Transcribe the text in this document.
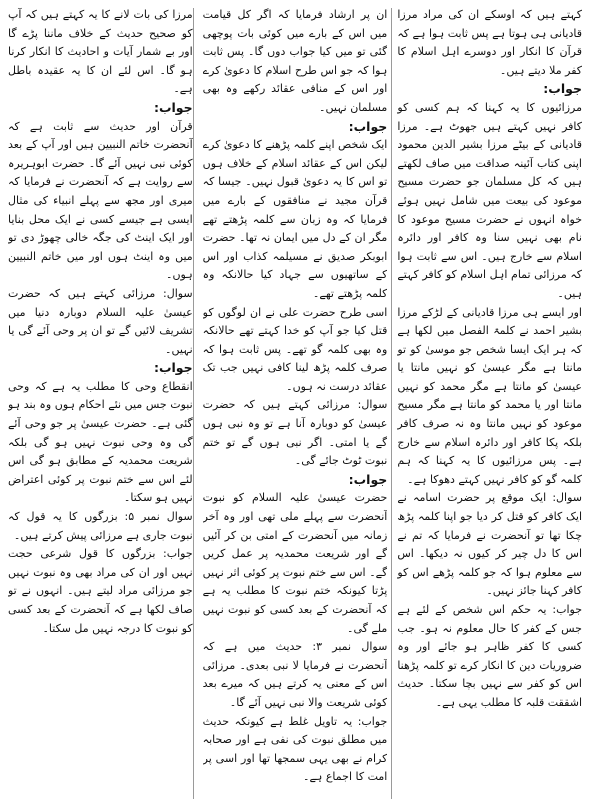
کہتے ہیں کہ اوسکے ان کی مراد مرزا قادیانی ہی ہوتا ہے پس ثابت ہوا ہے کہ قرآن کا انکار اور دوسرے اہل اسلام کا کفر ملا دیتے ہیں۔

جواب:

مرزائیوں کا یہ کہنا کہ ہم کسی کو کافر نہیں کہتے ہیں جھوٹ ہے۔ مرزا قادیانی کے بیٹے مرزا بشیر الدین محمود اپنی کتاب آئینہ صداقت میں صاف لکھتے ہیں کہ کل مسلمان جو حضرت مسیح موعود کی بیعت میں شامل نہیں ہوئے خواہ انہوں نے حضرت مسیح موعود کا نام بھی نہیں سنا وہ کافر اور دائرہ اسلام سے خارج ہیں۔ اس سے ثابت ہوا کہ مرزائی تمام اہل اسلام کو کافر کہتے ہیں۔

اور ایسے ہی مرزا قادیانی کے لڑکے مرزا بشیر احمد نے کلمۃ الفصل میں لکھا ہے کہ ہر ایک ایسا شخص جو موسیٰ کو تو مانتا ہے مگر عیسیٰ کو نہیں مانتا یا عیسیٰ کو مانتا ہے مگر محمد کو نہیں مانتا اور یا محمد کو مانتا ہے مگر مسیح موعود کو نہیں مانتا وہ نہ صرف کافر بلکہ پکا کافر اور دائرہ اسلام سے خارج ہے۔ پس مرزائیوں کا یہ کہنا کہ ہم کلمہ گو کو کافر نہیں کہتے دھوکا ہے۔

سوال: ایک موقع پر حضرت اسامہ نے ایک کافر کو قتل کر دیا جو اپنا کلمہ پڑھ چکا تھا تو آنحضرت نے فرمایا کہ تم نے اس کا دل چیر کر کیوں نہ دیکھا۔ اس سے معلوم ہوا کہ جو کلمہ پڑھے اس کو کافر کہنا جائز نہیں۔

جواب: یہ حکم اس شخص کے لئے ہے جس کے کفر کا حال معلوم نہ ہو۔ جب کسی کا کفر ظاہر ہو جائے اور وہ ضروریات دین کا انکار کرے تو کلمہ پڑھنا اس کو کفر سے نہیں بچا سکتا۔ حدیث اشققت قلبہ کا مطلب یہی ہے۔

ان پر ارشاد فرمایا کہ اگر کل قیامت میں اس کے بارے میں کوئی بات پوچھی گئی تو میں کیا جواب دوں گا۔ پس ثابت ہوا کہ جو اس طرح اسلام کا دعویٰ کرے اور اس کے منافی عقائد رکھے وہ بھی مسلمان نہیں۔

جواب:

ایک شخص اپنے کلمہ پڑھنے کا دعویٰ کرے لیکن اس کے عقائد اسلام کے خلاف ہوں تو اس کا یہ دعویٰ قبول نہیں۔ جیسا کہ قرآن مجید نے منافقوں کے بارے میں فرمایا کہ وہ زبان سے کلمہ پڑھتے تھے مگر ان کے دل میں ایمان نہ تھا۔ حضرت ابوبکر صدیق نے مسیلمہ کذاب اور اس کے ساتھیوں سے جہاد کیا حالانکہ وہ کلمہ پڑھتے تھے۔

اسی طرح حضرت علی نے ان لوگوں کو قتل کیا جو آپ کو خدا کہتے تھے حالانکہ وہ بھی کلمہ گو تھے۔ پس ثابت ہوا کہ صرف کلمہ پڑھ لینا کافی نہیں جب تک عقائد درست نہ ہوں۔

سوال: مرزائی کہتے ہیں کہ حضرت عیسیٰ کو دوبارہ آنا ہے تو وہ نبی ہوں گے یا امتی۔ اگر نبی ہوں گے تو ختم نبوت ٹوٹ جائے گی۔

جواب:

حضرت عیسیٰ علیہ السلام کو نبوت آنحضرت سے پہلے ملی تھی اور وہ آخر زمانہ میں آنحضرت کے امتی بن کر آئیں گے اور شریعت محمدیہ پر عمل کریں گے۔ اس سے ختم نبوت پر کوئی اثر نہیں پڑتا کیونکہ ختم نبوت کا مطلب یہ ہے کہ آنحضرت کے بعد کسی کو نبوت نہیں ملے گی۔

سوال نمبر ۳: حدیث میں ہے کہ آنحضرت نے فرمایا لا نبی بعدی۔ مرزائی اس کے معنی یہ کرتے ہیں کہ میرے بعد کوئی شریعت والا نبی نہیں آئے گا۔

جواب: یہ تاویل غلط ہے کیونکہ حدیث میں مطلق نبوت کی نفی ہے اور صحابہ کرام نے بھی یہی سمجھا تھا اور اسی پر امت کا اجماع ہے۔

مرزا کی بات لانے کا یہ کہتے ہیں کہ آپ کو صحیح حدیث کے خلاف ماننا پڑے گا اور بے شمار آیات و احادیث کا انکار کرنا ہو گا۔ اس لئے ان کا یہ عقیدہ باطل ہے۔

جواب:

قرآن اور حدیث سے ثابت ہے کہ آنحضرت خاتم النبیین ہیں اور آپ کے بعد کوئی نبی نہیں آئے گا۔ حضرت ابوہریرہ سے روایت ہے کہ آنحضرت نے فرمایا کہ میری اور مجھ سے پہلے انبیاء کی مثال ایسی ہے جیسے کسی نے ایک محل بنایا اور ایک اینٹ کی جگہ خالی چھوڑ دی تو میں وہ اینٹ ہوں اور میں خاتم النبیین ہوں۔

سوال: مرزائی کہتے ہیں کہ حضرت عیسیٰ علیہ السلام دوبارہ دنیا میں تشریف لائیں گے تو ان پر وحی آئے گی یا نہیں۔

جواب:

انقطاع وحی کا مطلب یہ ہے کہ وحی نبوت جس میں نئے احکام ہوں وہ بند ہو گئی ہے۔ حضرت عیسیٰ پر جو وحی آئے گی وہ وحی نبوت نہیں ہو گی بلکہ شریعت محمدیہ کے مطابق ہو گی اس لئے اس سے ختم نبوت پر کوئی اعتراض نہیں ہو سکتا۔

سوال نمبر ۵: بزرگوں کا یہ قول کہ نبوت جاری ہے مرزائی پیش کرتے ہیں۔

جواب: بزرگوں کا قول شرعی حجت نہیں اور ان کی مراد بھی وہ نبوت نہیں جو مرزائی مراد لیتے ہیں۔ انہوں نے تو صاف لکھا ہے کہ آنحضرت کے بعد کسی کو نبوت کا درجہ نہیں مل سکتا۔
